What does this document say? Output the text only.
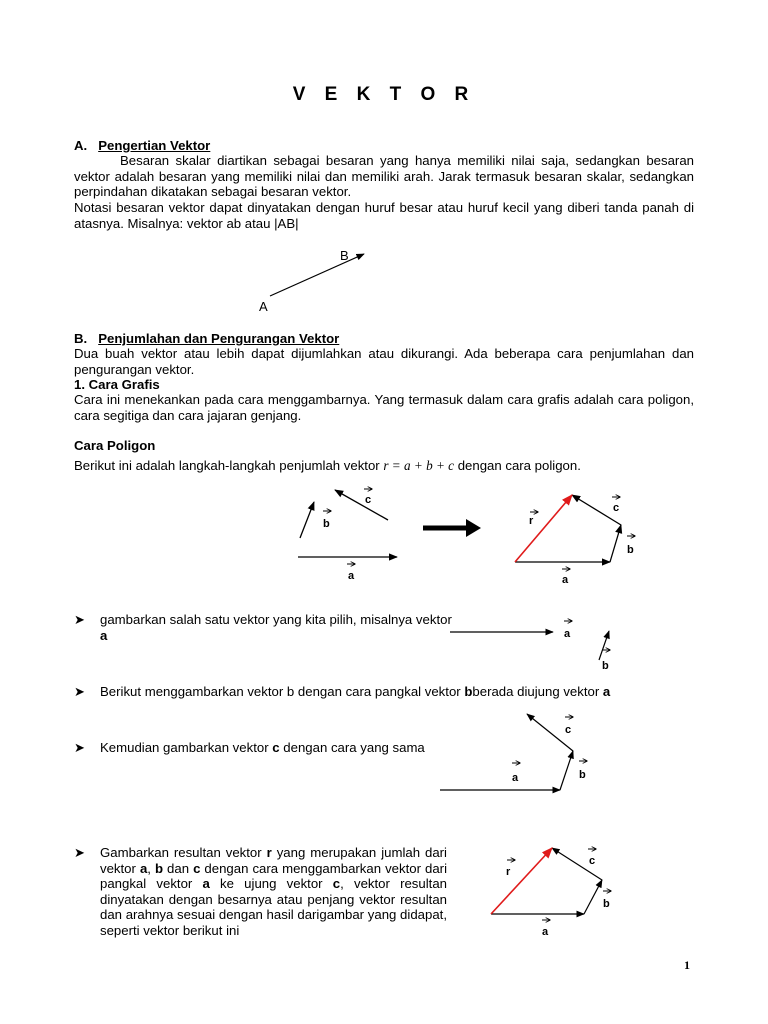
V E K T O R
A. Pengertian Vektor

Besaran skalar diartikan sebagai besaran yang hanya memiliki nilai saja, sedangkan besaran vektor adalah besaran yang memiliki nilai dan memiliki arah. Jarak termasuk besaran skalar, sedangkan perpindahan dikatakan sebagai besaran vektor.

Notasi besaran vektor dapat dinyatakan dengan huruf besar atau huruf kecil yang diberi tanda panah di atasnya. Misalnya: vektor ab atau |AB|

B
A
B. Penjumlahan dan Pengurangan Vektor

Dua buah vektor atau lebih dapat dijumlahkan atau dikurangi. Ada beberapa cara penjumlahan dan pengurangan vektor.

1. Cara Grafis

Cara ini menekankan pada cara menggambarnya. Yang termasuk dalam cara grafis adalah cara poligon, cara segitiga dan cara jajaran genjang.

Cara Poligon

Berikut ini adalah langkah-langkah penjumlah vektor r = a + b + c dengan cara poligon.

b
c
a	a
b
c
r
➤ gambarkan salah satu vektor yang kita pilih, misalnya vektor a	a
b
➤ Berikut menggambarkan vektor b dengan cara pangkal vektor bberada diujung vektor a

➤ Kemudian gambarkan vektor c dengan cara yang sama

a	b
c
➤ Gambarkan resultan vektor r yang merupakan jumlah dari vektor a, b dan c dengan cara menggambarkan vektor dari pangkal vektor a ke ujung vektor c, vektor resultan dinyatakan dengan besarnya atau penjang vektor resultan dan arahnya sesuai dengan hasil darigambar yang didapat, seperti vektor berikut ini	a
b
c
r
1
